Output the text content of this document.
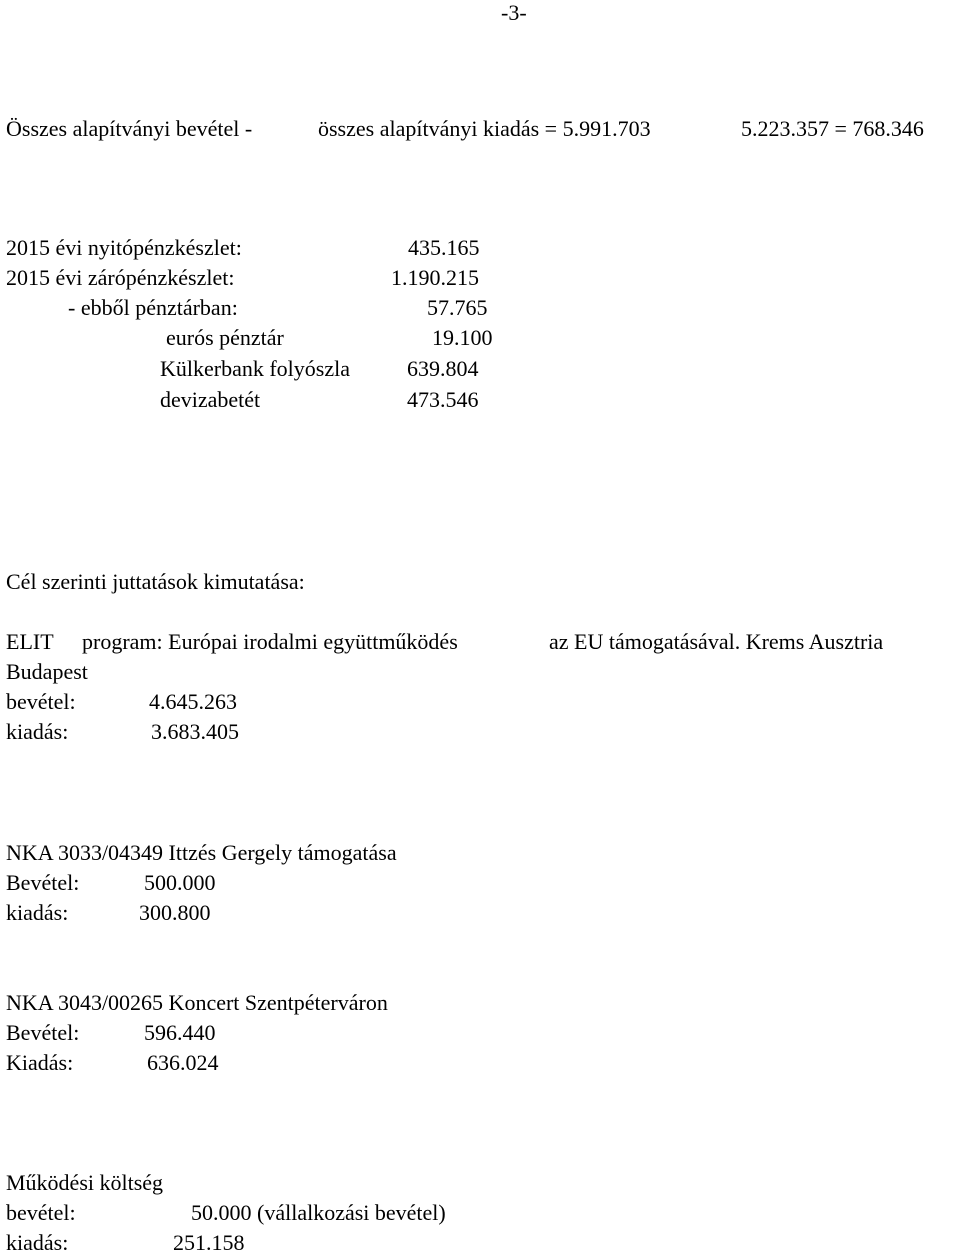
-3-
Összes alapítványi bevétel -	összes alapítványi kiadás = 5.991.703	5.223.357 = 768.346
2015 évi nyitópénzkészlet:	435.165
2015 évi zárópénzkészlet:	1.190.215
- ebből pénztárban:	57.765
eurós pénztár	19.100
Külkerbank folyószla	639.804
devizabetét	473.546
Cél szerinti juttatások kimutatása:
ELIT program: Európai irodalmi együttműködés	az EU támogatásával. Krems Ausztria
Budapest
bevétel:	4.645.263
kiadás:	3.683.405
NKA 3033/04349 Ittzés Gergely támogatása
Bevétel:	500.000
kiadás:	300.800
NKA 3043/00265 Koncert Szentpéterváron
Bevétel:	596.440
Kiadás:	636.024
Működési költség
bevétel:	50.000 (vállalkozási bevétel)
kiadás:	251.158
